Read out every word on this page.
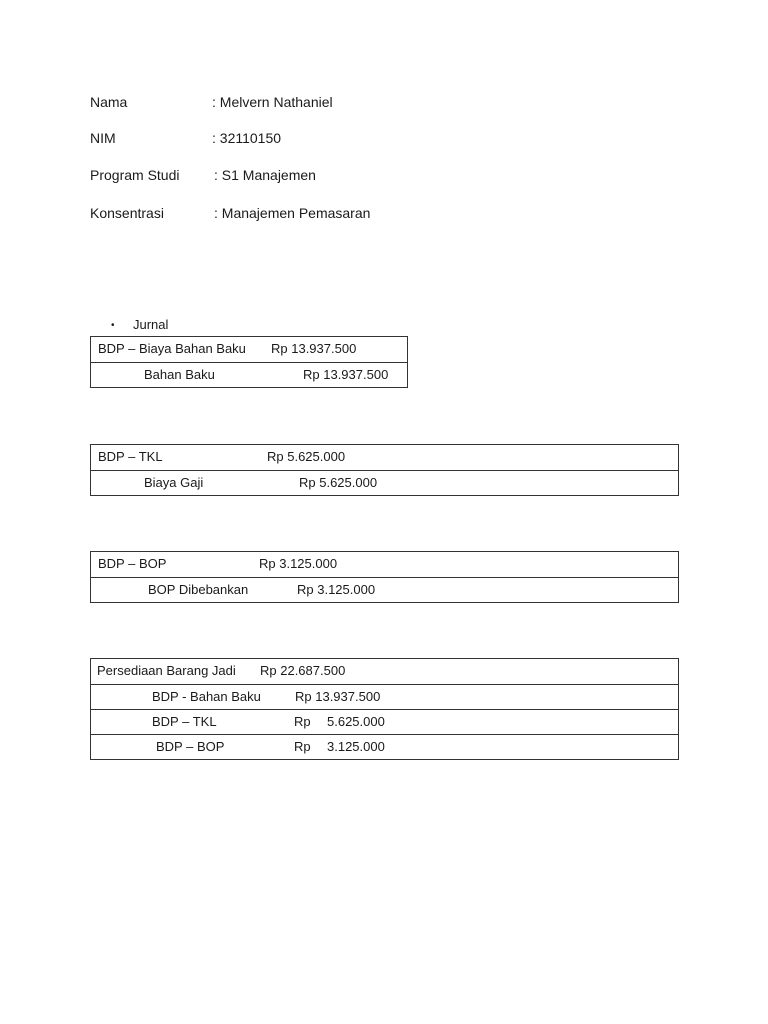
Nama	: Melvern Nathaniel
NIM	: 32110150
Program Studi : S1 Manajemen
Konsentrasi	: Manajemen Pemasaran
• Jurnal
BDP – Biaya Bahan Baku Rp 13.937.500
Bahan Baku	Rp 13.937.500
BDP – TKL	Rp 5.625.000
Biaya Gaji	Rp 5.625.000
BDP – BOP	Rp 3.125.000
BOP Dibebankan	Rp 3.125.000
Persediaan Barang Jadi Rp 22.687.500
BDP - Bahan Baku	Rp 13.937.500
BDP – TKL	Rp 5.625.000
BDP – BOP	Rp 3.125.000
